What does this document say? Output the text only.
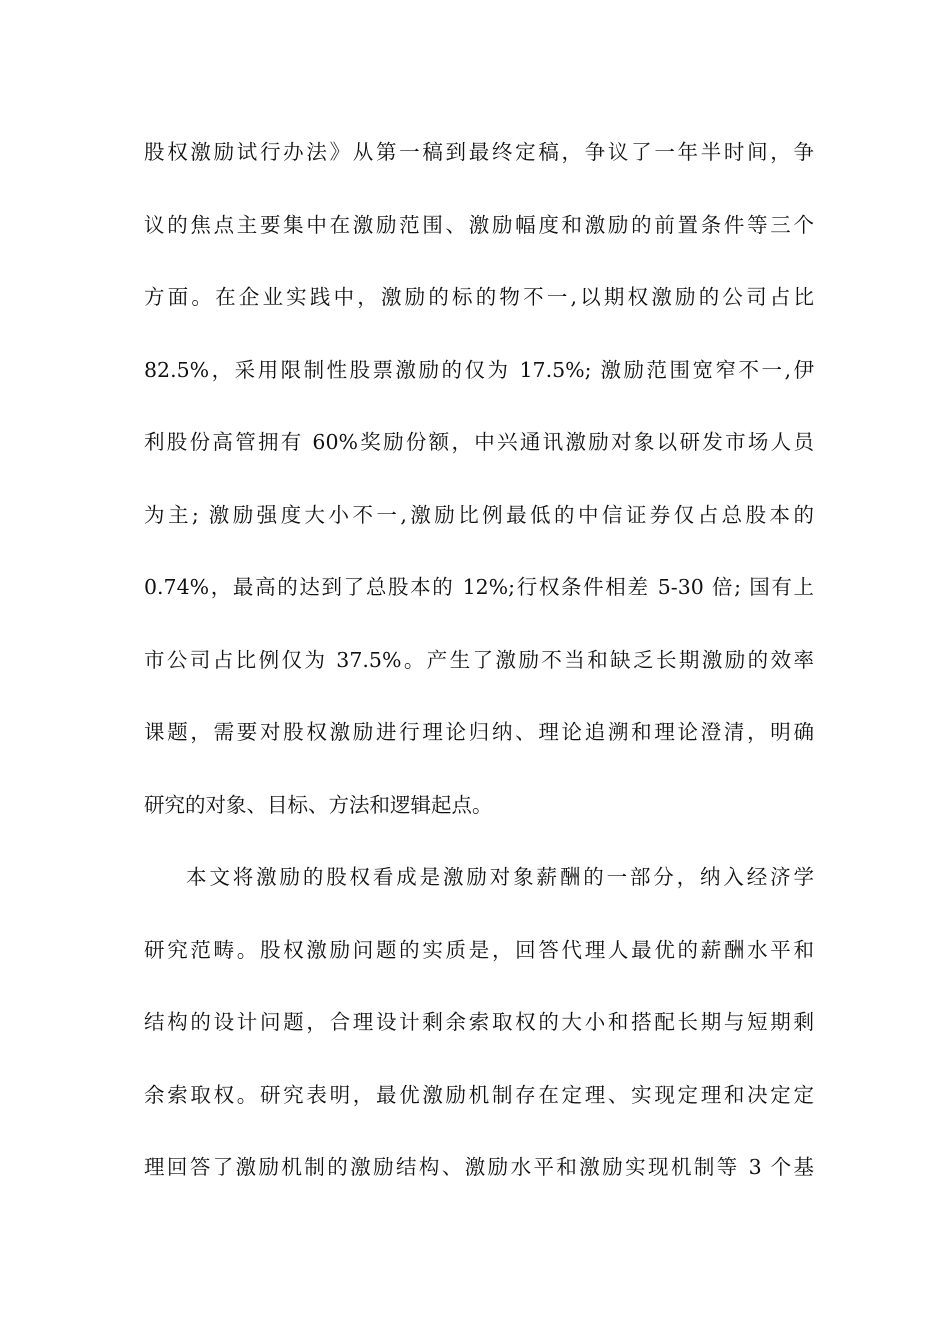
股权激励试行办法》从第一稿到最终定稿，争议了一年半时间，争
议的焦点主要集中在激励范围、激励幅度和激励的前置条件等三个
方面。在企业实践中，激励的标的物不一,以期权激励的公司占比
82.5%，采用限制性股票激励的仅为 17.5%; 激励范围宽窄不一,伊
利股份高管拥有 60%奖励份额，中兴通讯激励对象以研发市场人员
为主; 激励强度大小不一,激励比例最低的中信证券仅占总股本的
0.74%，最高的达到了总股本的 12%;行权条件相差 5-30 倍; 国有上
市公司占比例仅为 37.5%。产生了激励不当和缺乏长期激励的效率
课题，需要对股权激励进行理论归纳、理论追溯和理论澄清，明确
研究的对象、目标、方法和逻辑起点。
本文将激励的股权看成是激励对象薪酬的一部分，纳入经济学
研究范畴。股权激励问题的实质是，回答代理人最优的薪酬水平和
结构的设计问题，合理设计剩余索取权的大小和搭配长期与短期剩
余索取权。研究表明，最优激励机制存在定理、实现定理和决定定
理回答了激励机制的激励结构、激励水平和激励实现机制等 3 个基
